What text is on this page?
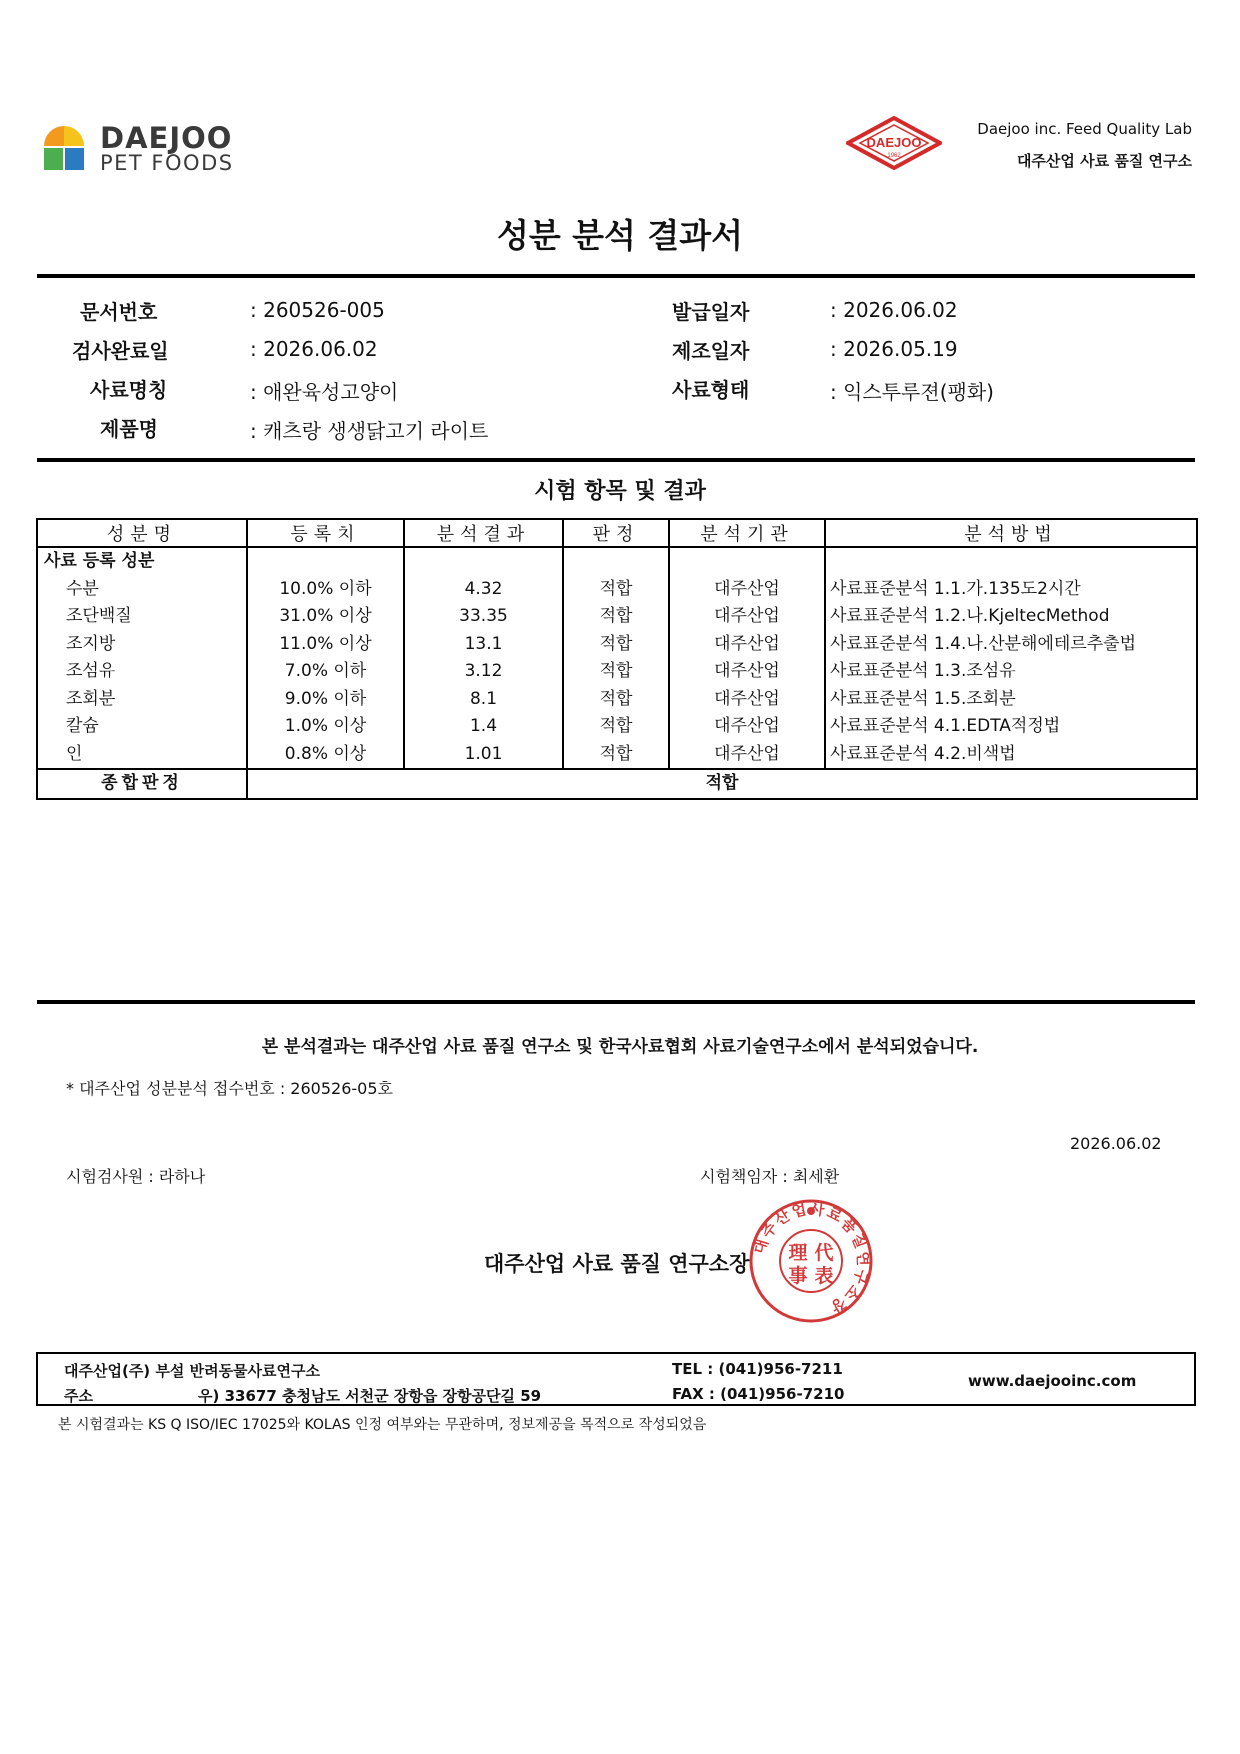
DAEJOO
PET FOODS
DAEJOO
1962
Daejoo inc. Feed Quality Lab
대주산업 사료 품질 연구소
성분 분석 결과서
문서번호	: 260526-005	발급일자	: 2026.06.02
검사완료일	: 2026.06.02	제조일자	: 2026.05.19
사료명칭	: 애완육성고양이	사료형태	: 익스투루젼(팽화)
제품명	: 캐츠랑 생생닭고기 라이트
시험 항목 및 결과
성분명	등록치	분석결과	판정	분석기관	분석방법
사료 등록 성분					
수분	10.0% 이하	4.32	적합	대주산업	사료표준분석 1.1.가.135도2시간
조단백질	31.0% 이상	33.35	적합	대주산업	사료표준분석 1.2.나.KjeltecMethod
조지방	11.0% 이상	13.1	적합	대주산업	사료표준분석 1.4.나.산분해에테르추출법
조섬유	7.0% 이하	3.12	적합	대주산업	사료표준분석 1.3.조섬유
조회분	9.0% 이하	8.1	적합	대주산업	사료표준분석 1.5.조회분
칼슘	1.0% 이상	1.4	적합	대주산업	사료표준분석 4.1.EDTA적정법
인	0.8% 이상	1.01	적합	대주산업	사료표준분석 4.2.비색법
종합판정	적합				
본 분석결과는 대주산업 사료 품질 연구소 및 한국사료협회 사료기술연구소에서 분석되었습니다.
* 대주산업 성분분석 접수번호 : 260526-05호
2026.06.02
시험검사원 : 라하나	시험책임자 : 최세환
대주산업 사료 품질 연구소장
대주산업사료품질연구소장
理 代
事 表
대주산업(주) 부설 반려동물사료연구소
주소	우) 33677 충청남도 서천군 장항읍 장항공단길 59
TEL : (041)956-7211
FAX : (041)956-7210
www.daejooinc.com
본 시험결과는 KS Q ISO/IEC 17025와 KOLAS 인정 여부와는 무관하며, 정보제공을 목적으로 작성되었음
